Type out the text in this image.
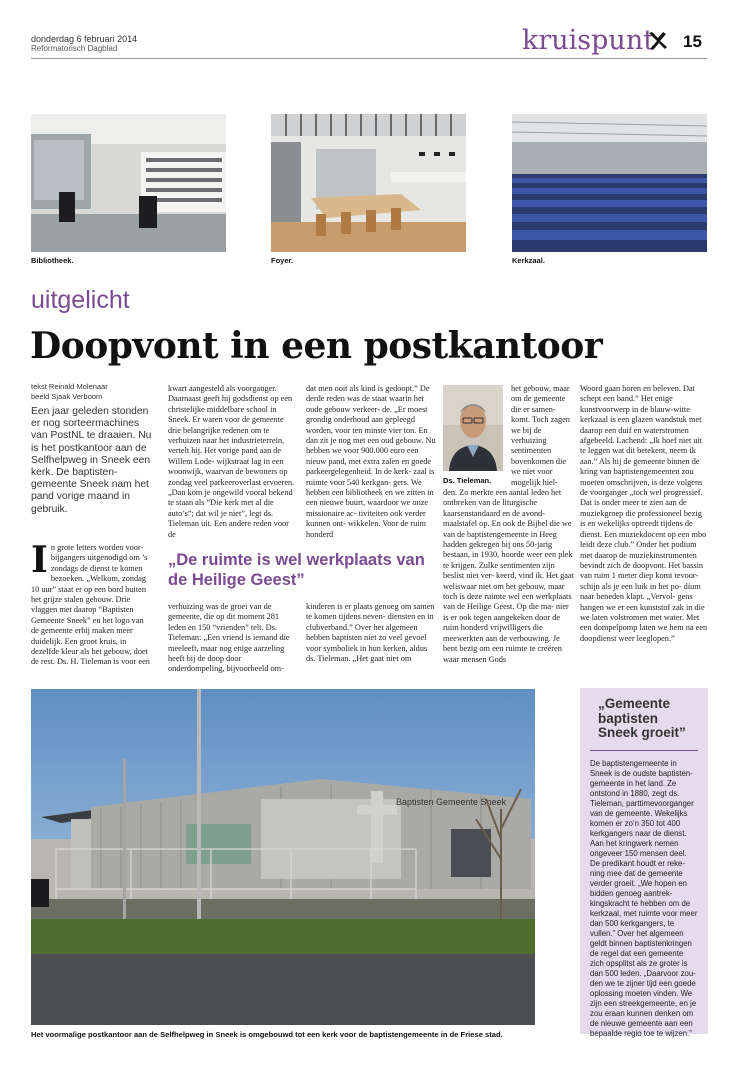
donderdag 6 februari 2014
Reformatorisch Dagblad	kruispunt 15
Bibliotheek.	Foyer.	Kerkzaal.
uitgelicht
Doopvont in een postkantoor
tekst Reinald Molenaar
beeld Sjaak Verboom
Een jaar geleden stonden er nog sorteermachines van PostNL te draaien. Nu is het postkantoor aan de Selfhelpweg in Sneek een kerk. De baptisten- gemeente Sneek nam het pand vorige maand in gebruik.
In grote letters worden voor- bijgangers uitgenodigd om ’s zondags de dienst te komen bezoeken. „Welkom, zondag 10 uur” staat er op een bord buiten het grijze stalen gebouw. Drie vlaggen met daarop “Baptisten Gemeente Sneek” en het logo van de gemeente erbij maken meer duidelijk. Een groot kruis, in dezelfde kleur als het gebouw, doet de rest. Ds. H. Tieleman is voor een
kwart aangesteld als voorganger. Daarnaast geeft hij godsdienst op een christelijke middelbare school in Sneek. Er waren voor de gemeente drie belangrijke redenen om te verhuizen naar het industrieterrein, vertelt hij. Het vorige pand aan de Willem Lode- wijkstraat lag in een woonwijk, waarvan de bewoners op zondag veel parkeeroverlast ervoeren. „Dan kom je ongewild vooral bekend te staan als “Die kerk met al die auto’s”; dat wil je niet”, legt ds. Tieleman uit. Een andere reden voor de
dat men ooit als kind is gedoopt.” De derde reden was de staat waarin het oude gebouw verkeer- de. „Er moest grondig onderhoud aan gepleegd worden, voor ten minste vier ton. En dan zit je nog met een oud gebouw. Nu hebben we voor 900.000 euro een nieuw pand, met extra zalen en goede parkeergelegenheid. In de kerk- zaal is ruimte voor 540 kerkgan- gers. We hebben een bibliotheek en we zitten in een nieuwe buurt, waardoor we onze missionaire ac- tiviteiten ook verder kunnen ont- wikkelen. Voor de ruim honderd
„De ruimte is wel werkplaats van de Heilige Geest”
verhuizing was de groei van de gemeente, die op dit moment 281 leden en 150 “vrienden” telt. Ds. Tieleman: „Een vriend is iemand die meeleeft, maar nog enige aarzeling heeft bij de doop door onderdompeling, bijvoorbeeld om-
kinderen is er plaats genoeg om samen te komen tijdens neven- diensten en in clubverband.” Over het algemeen hebben baptisten niet zo veel gevoel voor symboliek in hun kerken, aldus ds. Tieleman. „Het gaat niet om
Ds. Tieleman.
het gebouw, maar om de gemeente die er samen- komt. Toch zagen we bij de verhuizing sentimenten bovenkomen die we niet voor mogelijk hiel-
den. Zo merkte een aantal leden het ontbreken van de liturgische kaarsenstandaard en de avond- maalstafel op. En ook de Bijbel die we van de baptistengemeente in Heeg hadden gekregen bij ons 50-jarig bestaan, in 1930, hoorde weer een plek te krijgen. Zulke sentimenten zijn beslist niet ver- keerd, vind ik. Het gaat weliswaar niet om het gebouw, maar toch is deze ruimte wel een werkplaats van de Heilige Geest. Op die ma- nier is er ook tegen aangekeken door de ruim honderd vrijwilligers die meewerkten aan de verbouwing. Je bent bezig om een ruimte te creëren waar mensen Gods
Woord gaan horen en beleven. Dat schept een band.” Het enige kunstvoorwerp in de blauw-witte kerkzaal is een glazen wandstuk met daarop een duif en waterstromen afgebeeld. Lachend: „Ik hoef niet uit te leggen wat dit betekent, neem ik aan.” Als hij de gemeente binnen de kring van baptistengemeenten zou moeten omschrijven, is deze volgens de voorganger „toch wel progressief. Dat is onder meer te zien aan de muziekgroep die professioneel bezig is en wekelijks optreedt tijdens de dienst. Een muziekdocent op een mbo leidt deze club.” Onder het podium met daarop de muziekinstrumenten bevindt zich de doopvont. Het bassin van ruim 1 meter diep komt tevoor- schijn als je een luik in het po- dium naar beneden klapt. „Vervol- gens hangen we er een kunststof zak in die we laten volstromen met water. Met een dompelpomp laten we hem na een doopdienst weer leeglopen.”
Baptisten Gemeente Sneek
Het voormalige postkantoor aan de Selfhelpweg in Sneek is omgebouwd tot een kerk voor de baptistengemeente in de Friese stad.
„Gemeente baptisten Sneek groeit”
De baptistengemeente in Sneek is de oudste baptisten- gemeente in het land. Ze ontstond in 1880, zegt ds. Tieleman, parttimevoorganger van de gemeente. Wekelijks komen er zo’n 350 tot 400 kerkgangers naar de dienst. Aan het kringwerk nemen ongeveer 150 mensen deel. De predikant houdt er reke- ning mee dat de gemeente verder groeit. „We hopen en bidden genoeg aantrek- kingskracht te hebben om de kerkzaal, met ruimte voor meer dan 500 kerkgangers, te vullen.” Over het algemeen geldt binnen baptistenkringen de regel dat een gemeente zich opsplitst als ze groter is dan 500 leden. „Daarvoor zou- den we te zijner tijd een goede oplossing moeten vinden. We zijn een streekgemeente, en je zou eraan kunnen denken om de nieuwe gemeente aan een bepaalde regio toe te wijzen.”
